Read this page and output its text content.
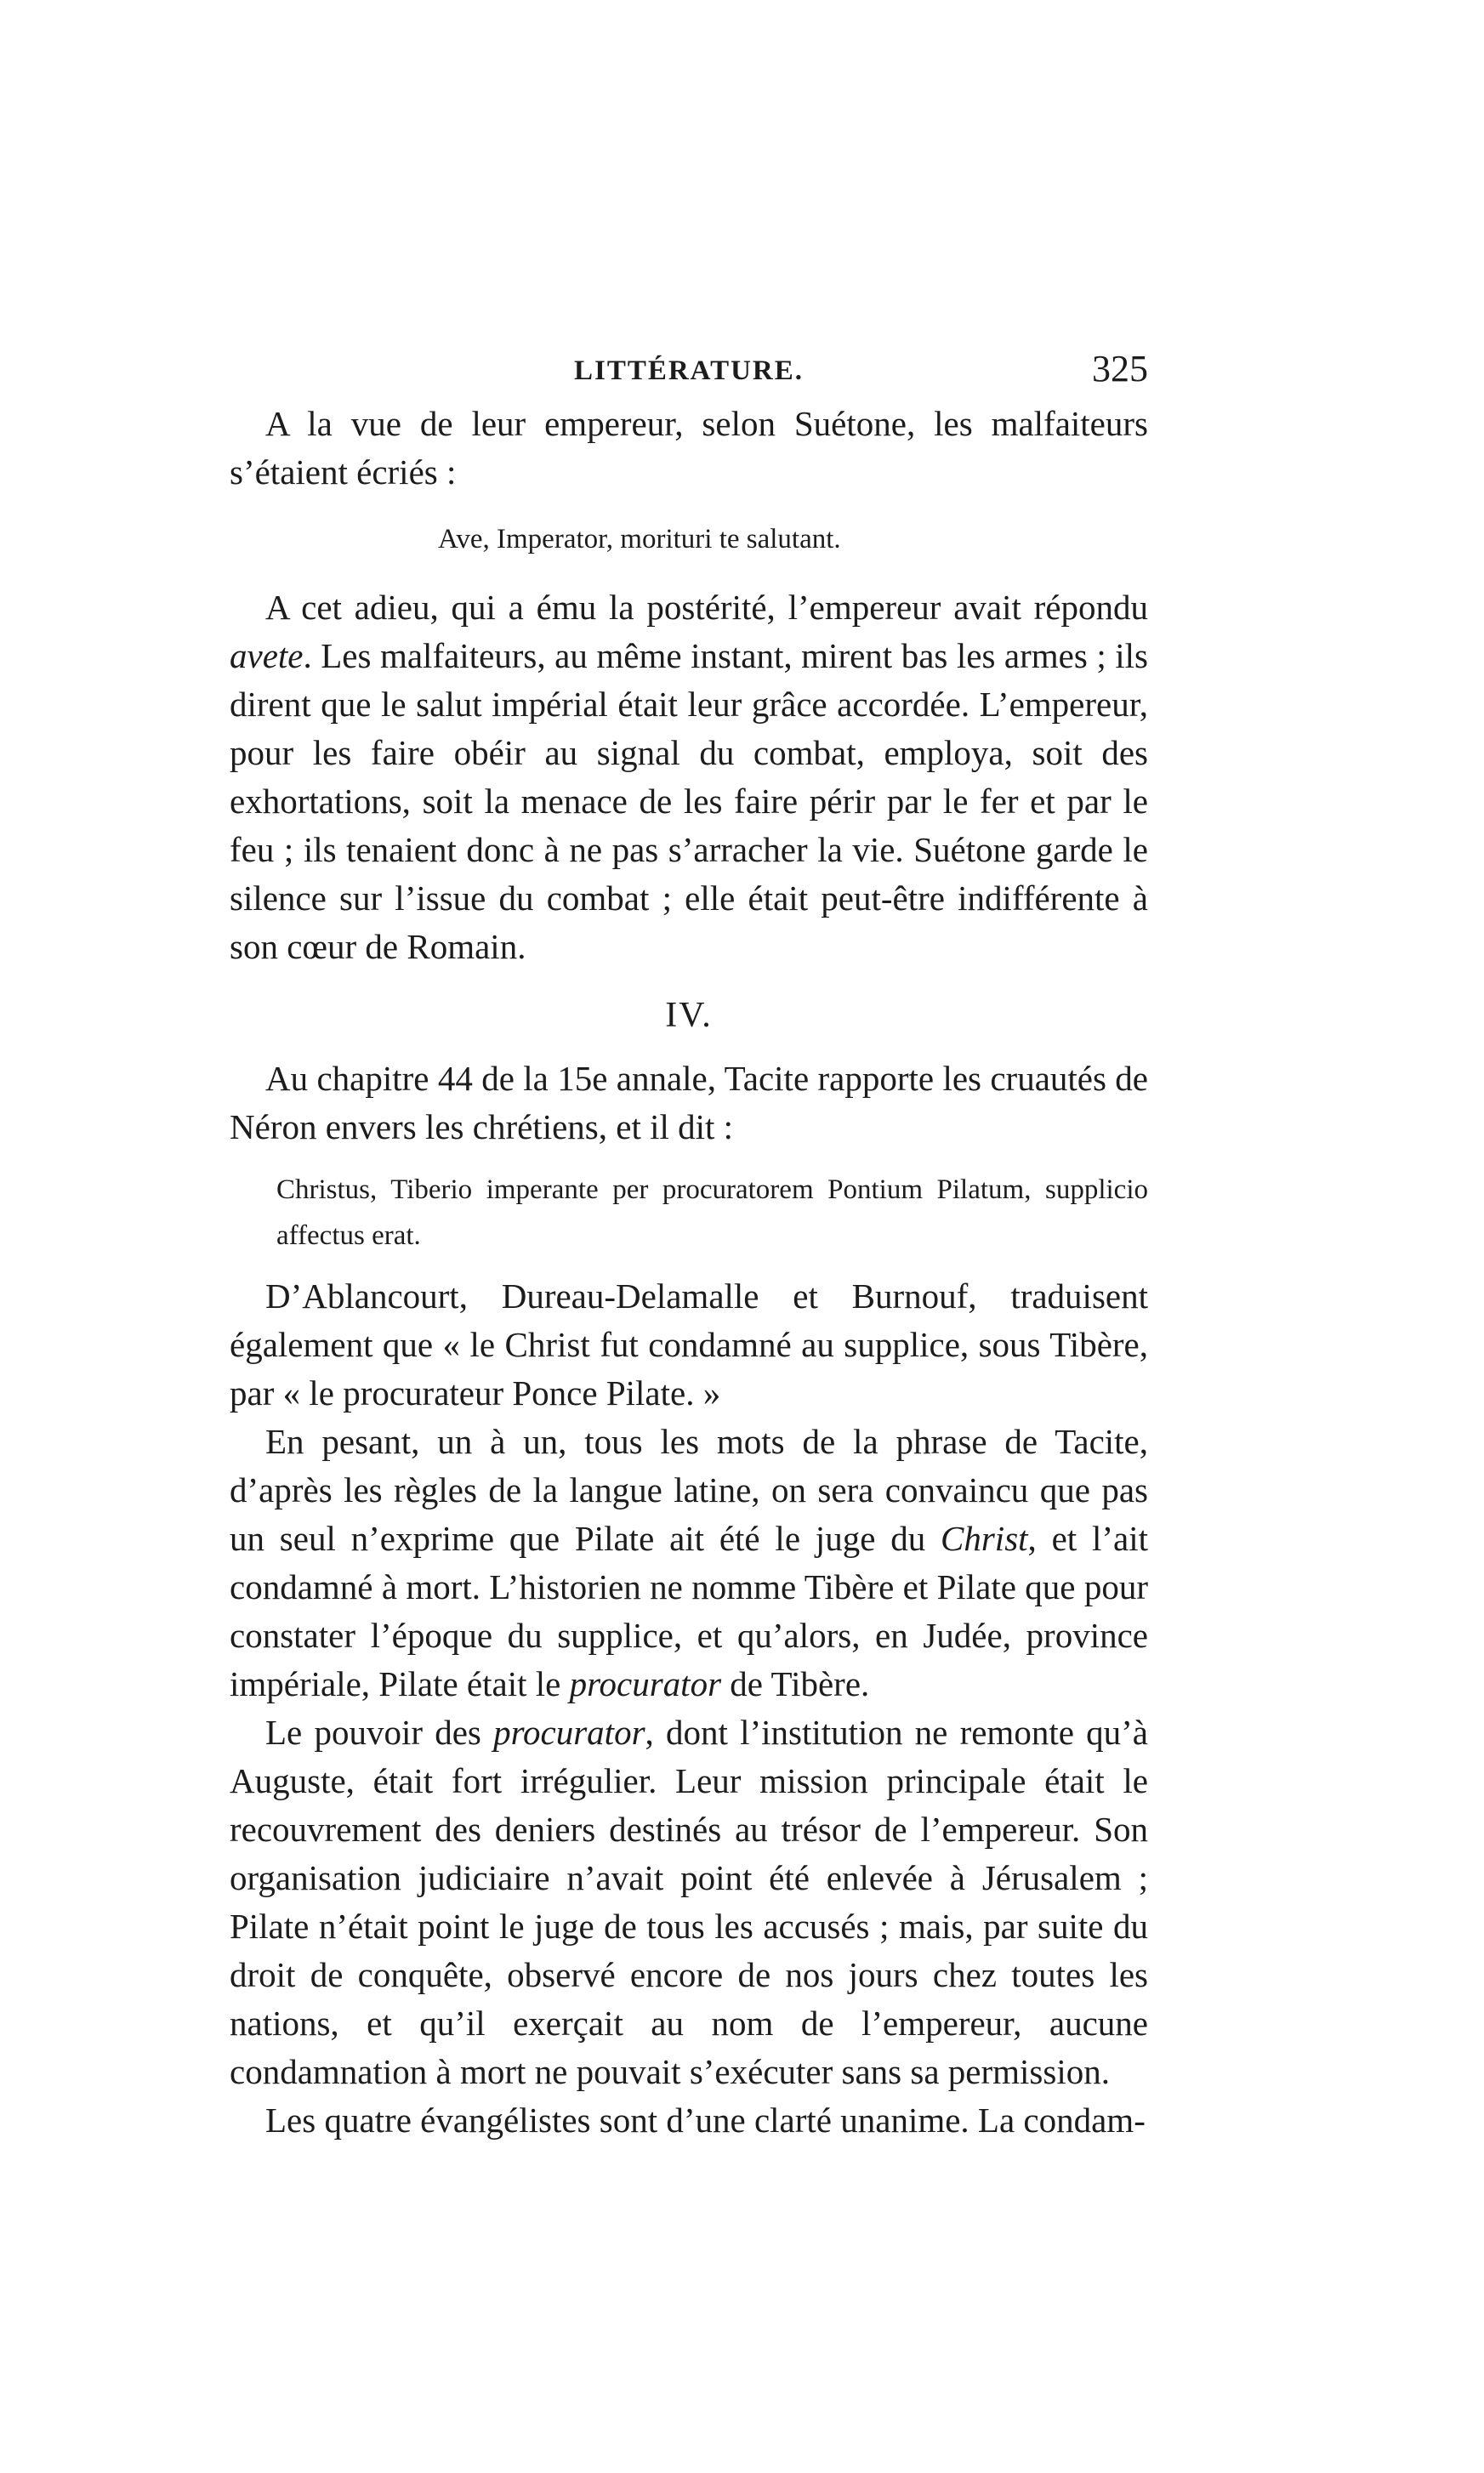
LITTÉRATURE.	325

A la vue de leur empereur, selon Suétone, les malfaiteurs s’étaient écriés :

Ave, Imperator, morituri te salutant.

A cet adieu, qui a ému la postérité, l’empereur avait répondu avete. Les malfaiteurs, au même instant, mirent bas les armes ; ils dirent que le salut impérial était leur grâce accordée. L’empereur, pour les faire obéir au signal du combat, employa, soit des exhortations, soit la menace de les faire périr par le fer et par le feu ; ils tenaient donc à ne pas s’arracher la vie. Suétone garde le silence sur l’issue du combat ; elle était peut-être indifférente à son cœur de Romain.

IV.

Au chapitre 44 de la 15e annale, Tacite rapporte les cruautés de Néron envers les chrétiens, et il dit :

Christus, Tiberio imperante per procuratorem Pontium Pilatum, supplicio affectus erat.

D’Ablancourt, Dureau-Delamalle et Burnouf, traduisent également que « le Christ fut condamné au supplice, sous Tibère, par « le procurateur Ponce Pilate. »

En pesant, un à un, tous les mots de la phrase de Tacite, d’après les règles de la langue latine, on sera convaincu que pas un seul n’exprime que Pilate ait été le juge du Christ, et l’ait condamné à mort. L’historien ne nomme Tibère et Pilate que pour constater l’époque du supplice, et qu’alors, en Judée, province impériale, Pilate était le procurator de Tibère.

Le pouvoir des procurator, dont l’institution ne remonte qu’à Auguste, était fort irrégulier. Leur mission principale était le recouvrement des deniers destinés au trésor de l’empereur. Son organisation judiciaire n’avait point été enlevée à Jérusalem ; Pilate n’était point le juge de tous les accusés ; mais, par suite du droit de conquête, observé encore de nos jours chez toutes les nations, et qu’il exerçait au nom de l’empereur, aucune condamnation à mort ne pouvait s’exécuter sans sa permission.

Les quatre évangélistes sont d’une clarté unanime. La condam-
